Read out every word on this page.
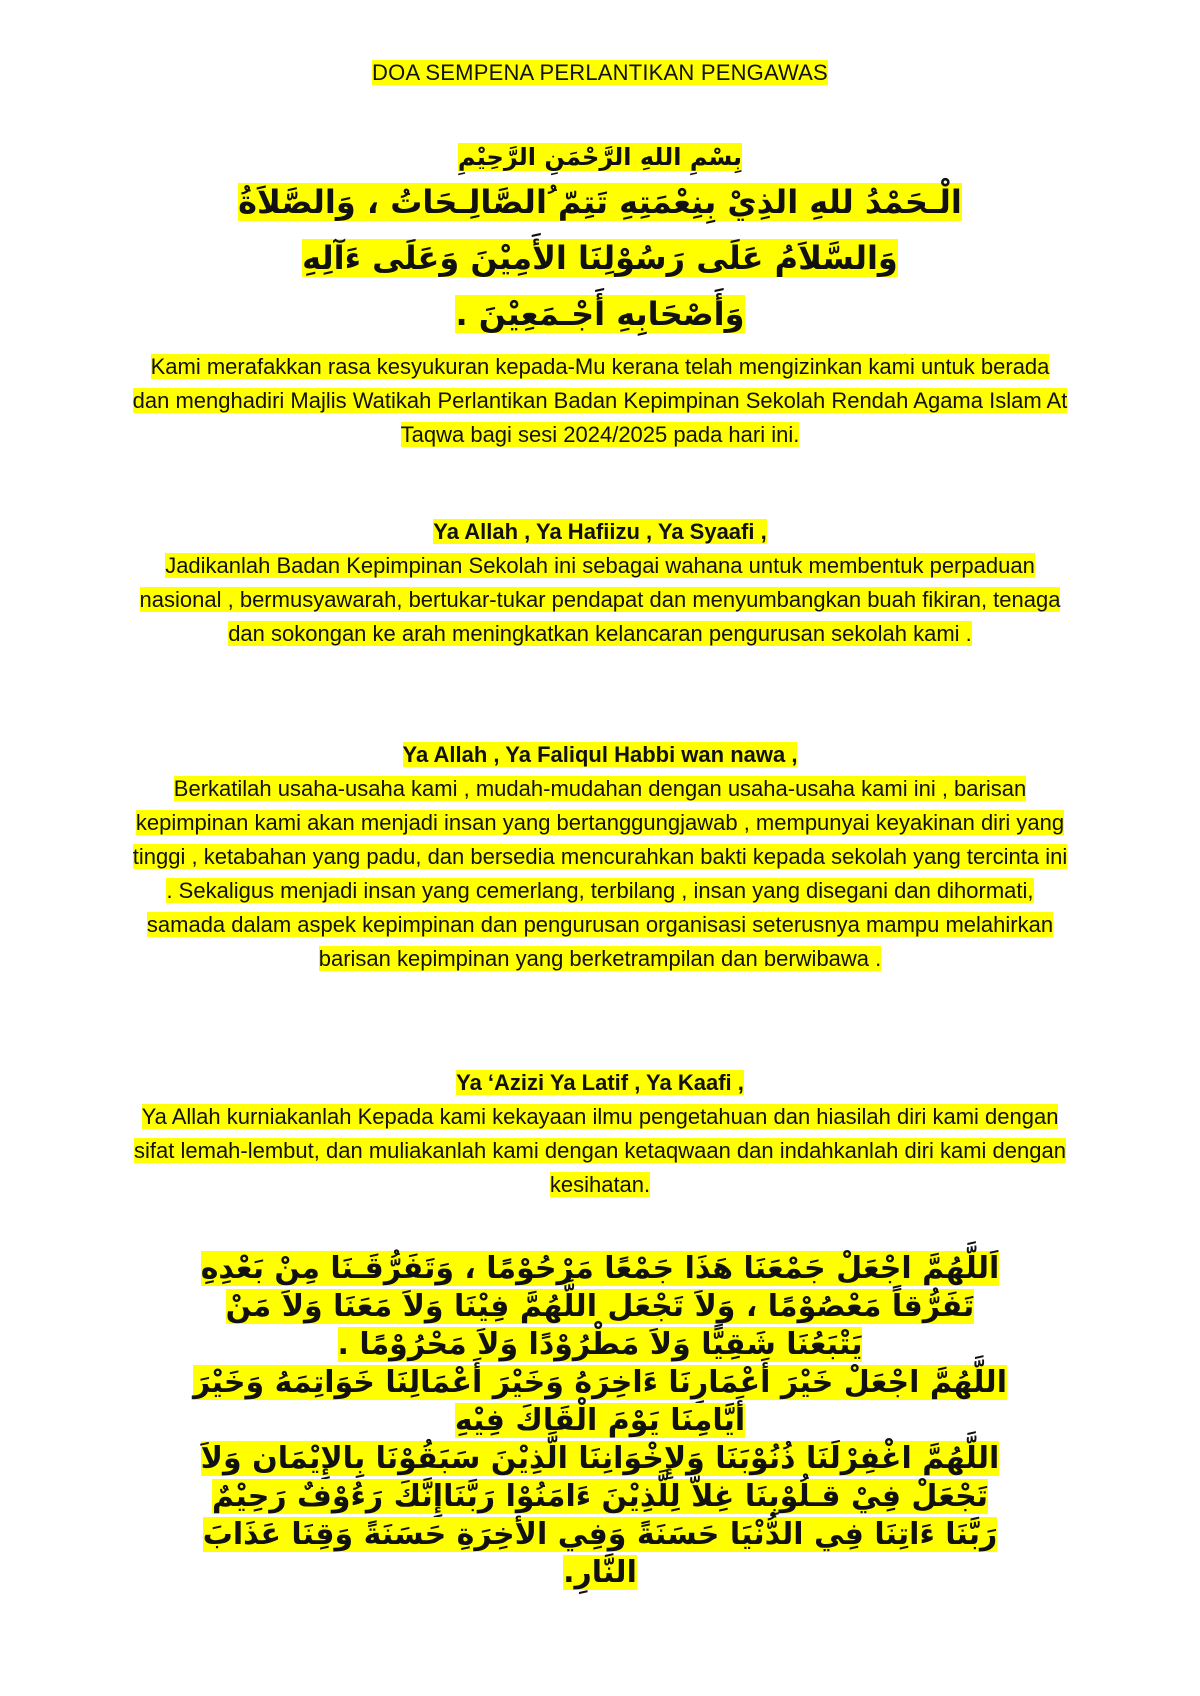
DOA SEMPENA PERLANTIKAN PENGAWAS
بِسْمِ اللهِ الرَّحْمَنِ الرَّحِيْمِ
الْـحَمْدُ للهِ الذِيْ بِنِعْمَتِهِ تَتِمّ ُالصَّالِـحَاتُ ، وَالصَّلاَةُ
وَالسَّلاَمُ عَلَى رَسُوْلِنَا الأَمِيْنَ وَعَلَى ءَآلِهِ
وَأَصْحَابِهِ أَجْـمَعِيْنَ .
Kami merafakkan rasa kesyukuran kepada-Mu kerana telah mengizinkan kami untuk berada dan menghadiri Majlis Watikah Perlantikan Badan Kepimpinan Sekolah Rendah Agama Islam At Taqwa bagi sesi 2024/2025 pada hari ini.
Ya Allah , Ya Hafiizu , Ya Syaafi ,
Jadikanlah Badan Kepimpinan Sekolah ini sebagai wahana untuk membentuk perpaduan nasional , bermusyawarah, bertukar-tukar pendapat dan menyumbangkan buah fikiran, tenaga dan sokongan ke arah meningkatkan kelancaran pengurusan sekolah kami .
Ya Allah , Ya Faliqul Habbi wan nawa ,
Berkatilah usaha-usaha kami , mudah-mudahan dengan usaha-usaha kami ini , barisan kepimpinan kami akan menjadi insan yang bertanggungjawab , mempunyai keyakinan diri yang tinggi , ketabahan yang padu, dan bersedia mencurahkan bakti kepada sekolah yang tercinta ini . Sekaligus menjadi insan yang cemerlang, terbilang , insan yang disegani dan dihormati, samada dalam aspek kepimpinan dan pengurusan organisasi seterusnya mampu melahirkan barisan kepimpinan yang berketrampilan dan berwibawa .
Ya ‘Azizi Ya Latif , Ya Kaafi ,
Ya Allah kurniakanlah Kepada kami kekayaan ilmu pengetahuan dan hiasilah diri kami dengan sifat lemah-lembut, dan muliakanlah kami dengan ketaqwaan dan indahkanlah diri kami dengan kesihatan.
اَللَّهُمَّ اجْعَلْ جَمْعَنَا هَذَا جَمْعًا مَرْحُوْمًا ، وَتَفَرُّقَـنَا مِنْ بَعْدِهِ
تَفَرُّقاً مَعْصُوْمًا ، وَلاَ تَجْعَل اللَّهُمَّ فِيْنَا وَلاَ مَعَنَا وَلاَ مَنْ
يَتْبَعُنَا شَقِيًّا وَلاَ مَطْرُوْدًا وَلاَ مَحْرُوْمًا .
اللَّهُمَّ اجْعَلْ خَيْرَ أَعْمَارِنَا ءَاخِرَهُ وَخَيْرَ أَعْمَالِنَا خَوَاتِمَهُ وَخَيْرَ
أَيَّامِنَا يَوْمَ الْقَاكَ فِيْهِ
اللَّهُمَّ اغْفِرْلَنَا ذُنُوْبَنَا وَلإِخْوَانِنَا الَّذِيْنَ سَبَقُوْنَا بِالإِيْمَان وَلاَ
تَجْعَلْ فِيْ قـلُوْبِنَا غِلاًّ لِلَّذِيْنَ ءَامَنُوْا رَبَّنَاإِنَّكَ رَءُوْفٌ رَحِيْمٌ
رَبَّنَا ءَاتِنَا فِي الدُّنْيَا حَسَنَةً وَفِي الأخِرَةِ حَسَنَةً وَقِنَا عَذَابَ
النَّارِ.
